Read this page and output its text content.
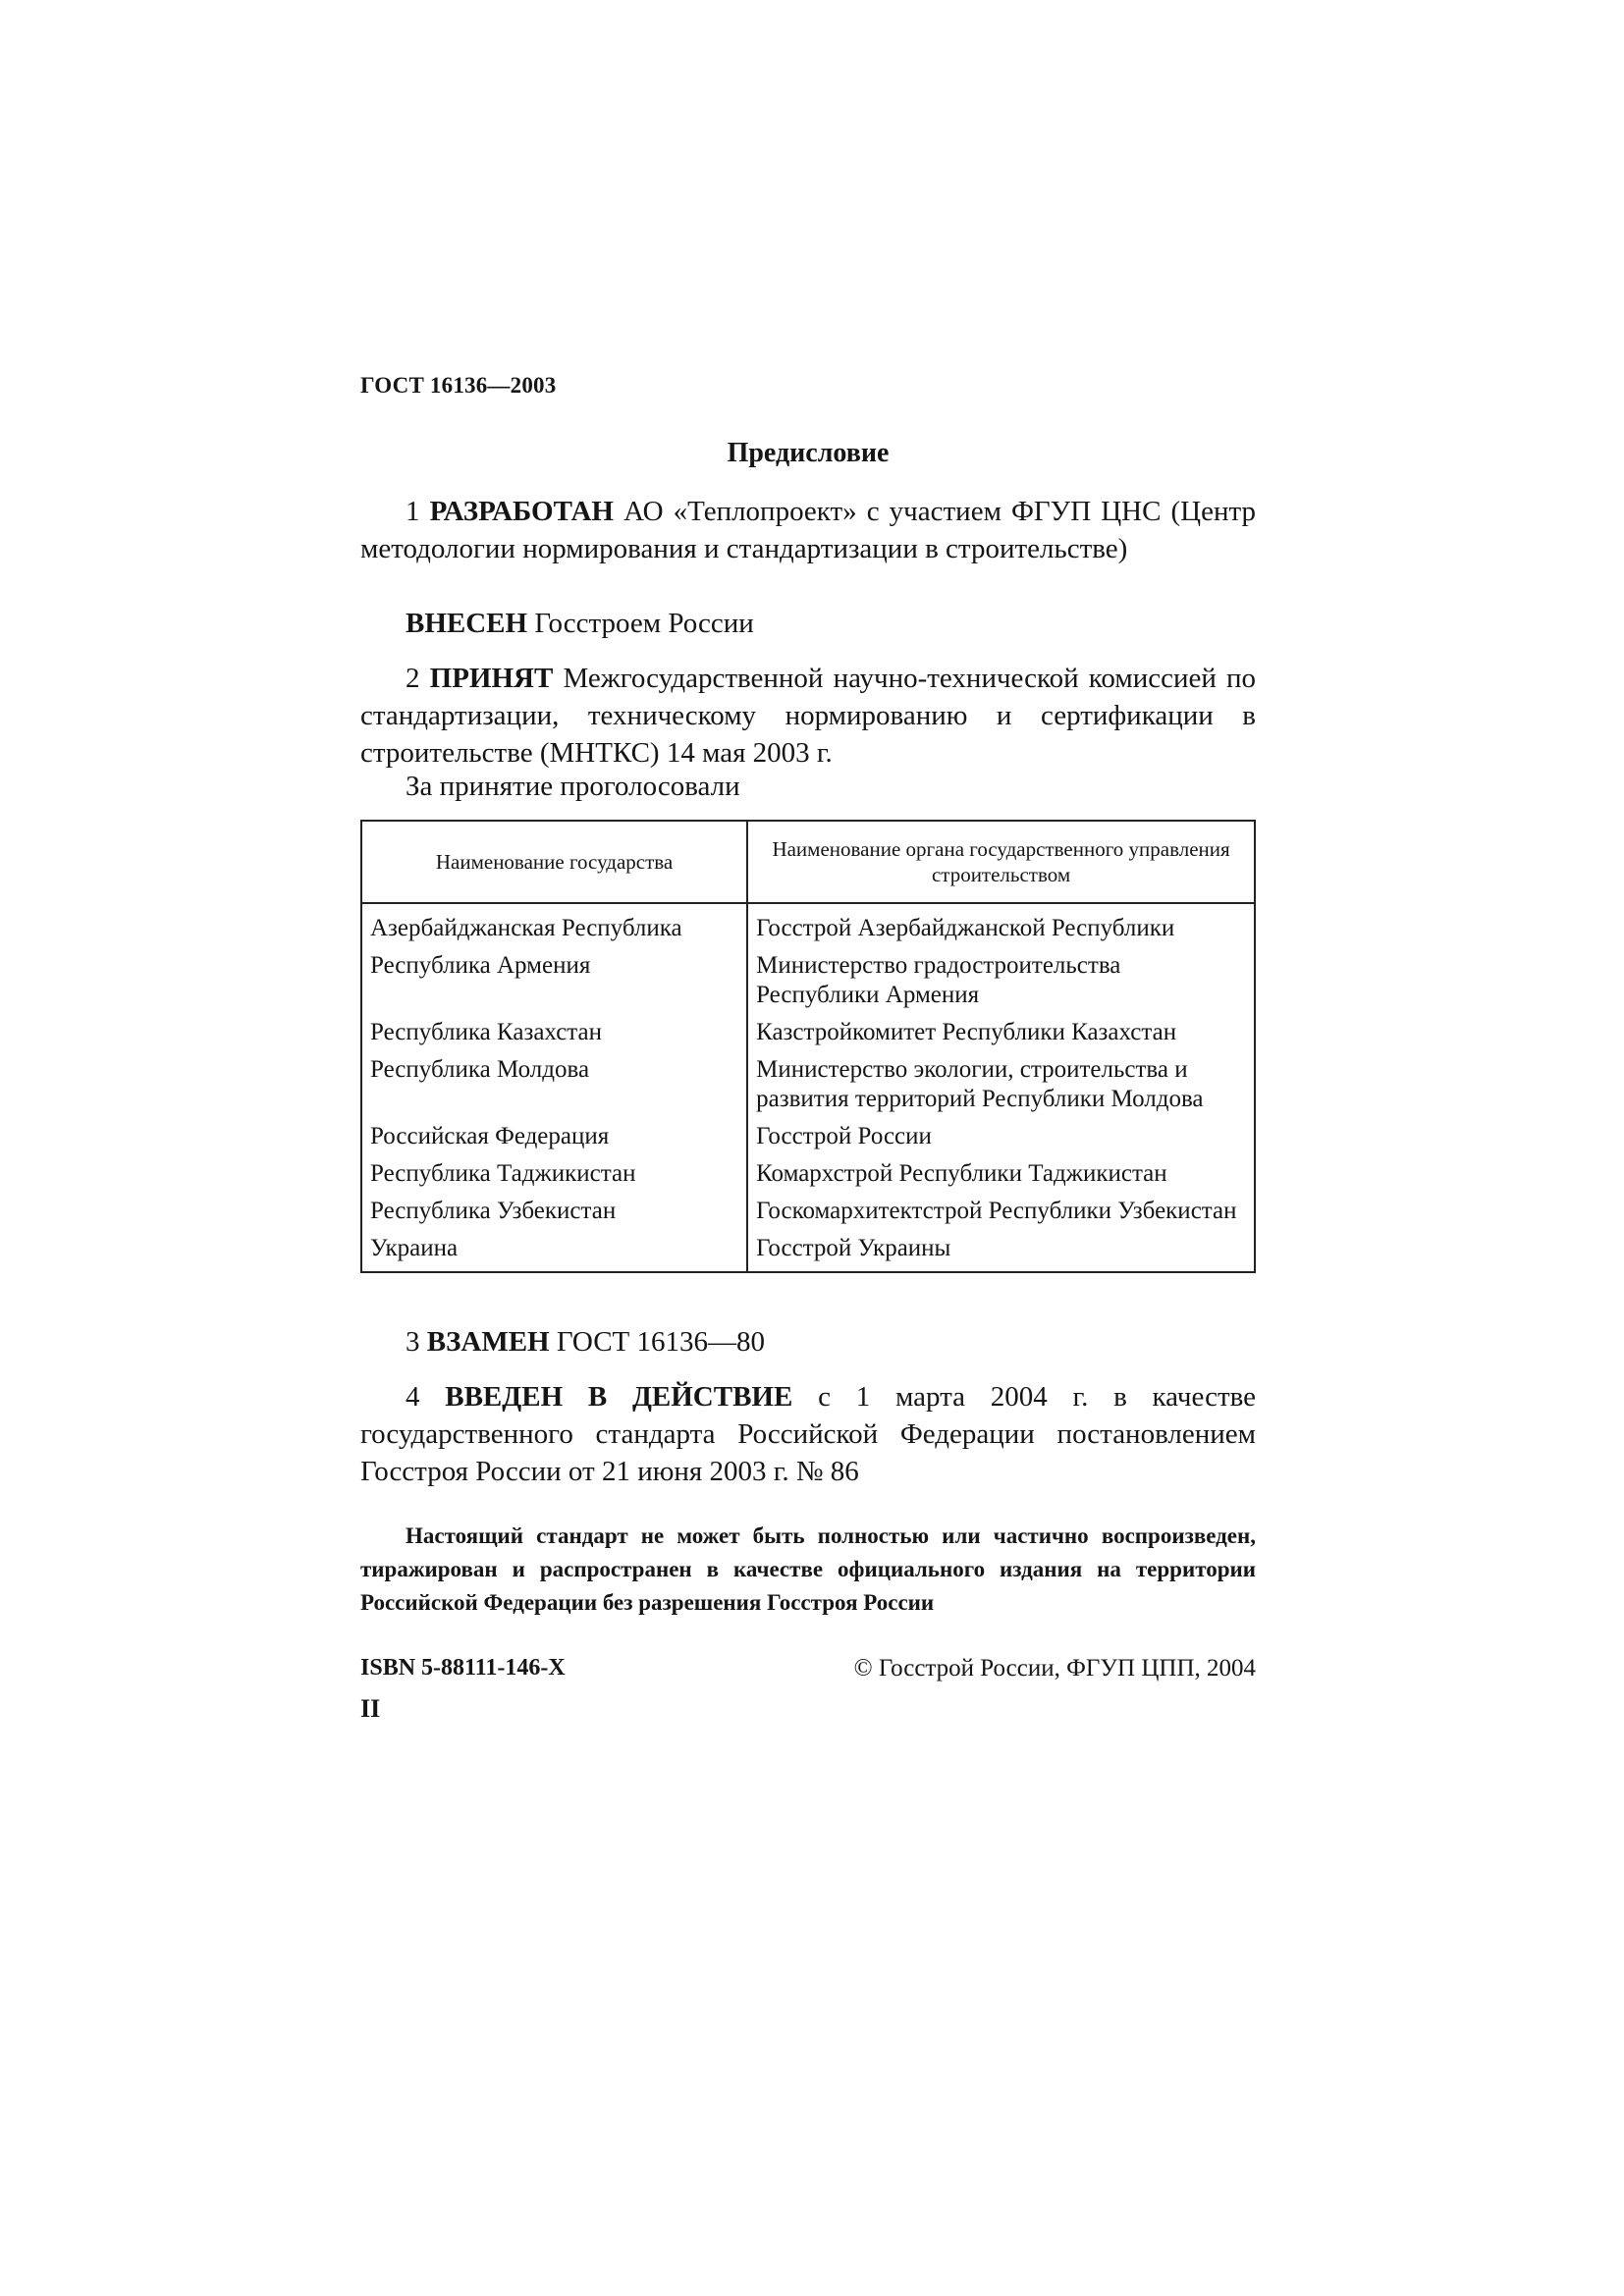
ГОСТ 16136—2003
Предисловие
1 РАЗРАБОТАН АО «Теплопроект» с участием ФГУП ЦНС (Центр методологии нормирования и стандартизации в строительстве)
ВНЕСЕН Госстроем России
2 ПРИНЯТ Межгосударственной научно-технической комиссией по стандартизации, техническому нормированию и сертификации в строительстве (МНТКС) 14 мая 2003 г.
За принятие проголосовали
Наименование государства	Наименование органа государственного управления строительством
Азербайджанская Республика	Госстрой Азербайджанской Республики
Республика Армения	Министерство градостроительства Республики Армения
Республика Казахстан	Казстройкомитет Республики Казахстан
Республика Молдова	Министерство экологии, строительства и развития территорий Республики Молдова
Российская Федерация	Госстрой России
Республика Таджикистан	Комархстрой Республики Таджикистан
Республика Узбекистан	Госкомархитектстрой Республики Узбекистан
Украина	Госстрой Украины
3 ВЗАМЕН ГОСТ 16136—80
4 ВВЕДЕН В ДЕЙСТВИЕ с 1 марта 2004 г. в качестве государственного стандарта Российской Федерации постановлением Госстроя России от 21 июня 2003 г. № 86
Настоящий стандарт не может быть полностью или частично воспроизведен, тиражирован и распространен в качестве официального издания на территории Российской Федерации без разрешения Госстроя России
ISBN 5-88111-146-X	© Госстрой России, ФГУП ЦПП, 2004
II
